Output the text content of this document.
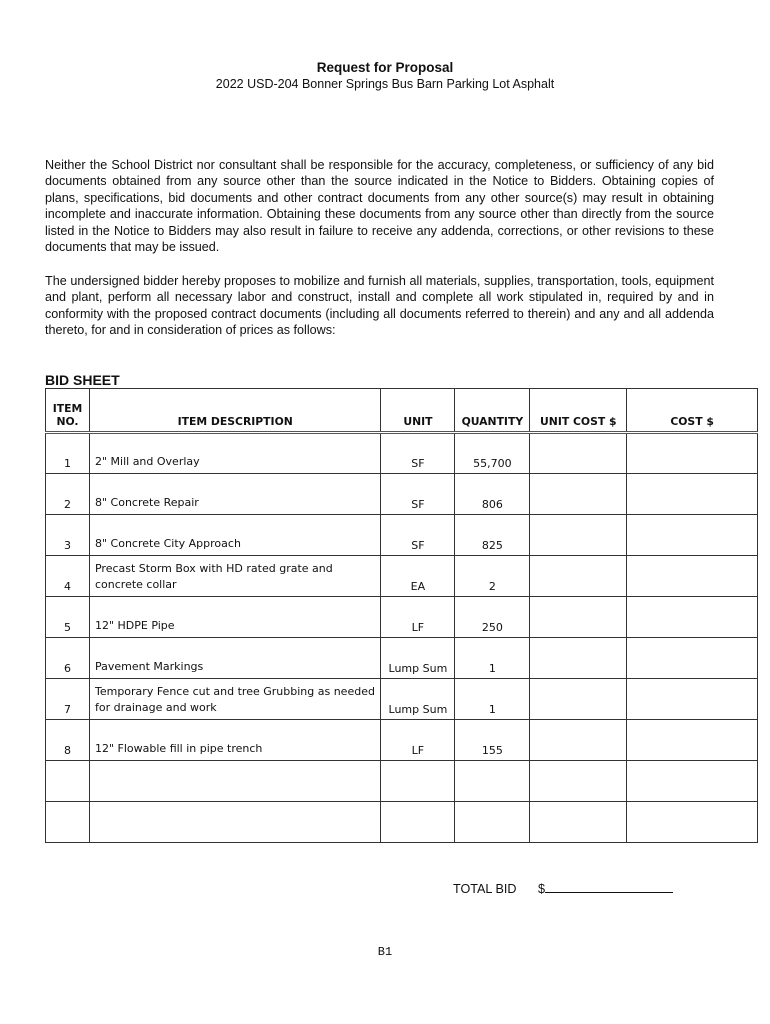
Request for Proposal
2022 USD-204 Bonner Springs Bus Barn Parking Lot Asphalt

Neither the School District nor consultant shall be responsible for the accuracy, completeness, or sufficiency of any bid documents obtained from any source other than the source indicated in the Notice to Bidders. Obtaining copies of plans, specifications, bid documents and other contract documents from any other source(s) may result in obtaining incomplete and inaccurate information. Obtaining these documents from any source other than directly from the source listed in the Notice to Bidders may also result in failure to receive any addenda, corrections, or other revisions to these documents that may be issued.

The undersigned bidder hereby proposes to mobilize and furnish all materials, supplies, transportation, tools, equipment and plant, perform all necessary labor and construct, install and complete all work stipulated in, required by and in conformity with the proposed contract documents (including all documents referred to therein) and any and all addenda thereto, for and in consideration of prices as follows:

BID SHEET
ITEM
NO.	ITEM DESCRIPTION	UNIT	QUANTITY	UNIT COST $	COST $
1	2" Mill and Overlay	SF	55,700		
2	8" Concrete Repair	SF	806		
3	8" Concrete City Approach	SF	825		
4	Precast Storm Box with HD rated grate and concrete collar	EA	2		
5	12" HDPE Pipe	LF	250		
6	Pavement Markings	Lump Sum	1		
7	Temporary Fence cut and tree Grubbing as needed for drainage and work	Lump Sum	1		
8	12" Flowable fill in pipe trench	LF	155		

TOTAL BID $
B1
